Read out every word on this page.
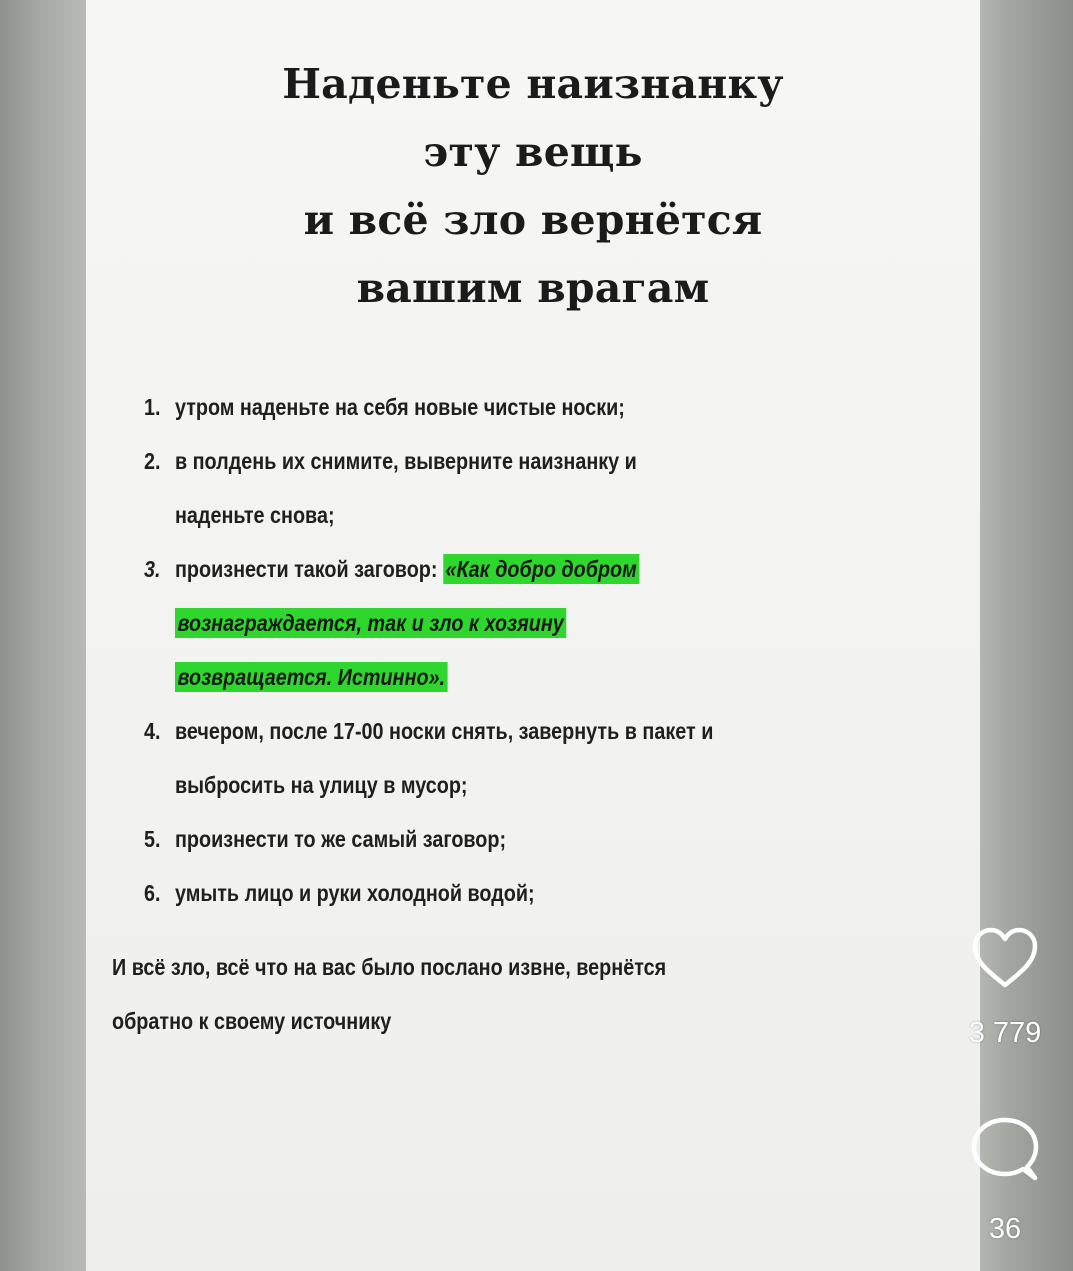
Наденьте наизнанку
эту вещь
и всё зло вернётся
вашим врагам
1. утром наденьте на себя новые чистые носки;
2. в полдень их снимите, выверните наизнанку и
наденьте снова;
3. произнести такой заговор: «Как добро добром
вознаграждается, так и зло к хозяину
возвращается. Истинно».
4. вечером, после 17-00 носки снять, завернуть в пакет и
выбросить на улицу в мусор;
5. произнести то же самый заговор;
6. умыть лицо и руки холодной водой;
И всё зло, всё что на вас было послано извне, вернётся
обратно к своему источнику	3 779
36
